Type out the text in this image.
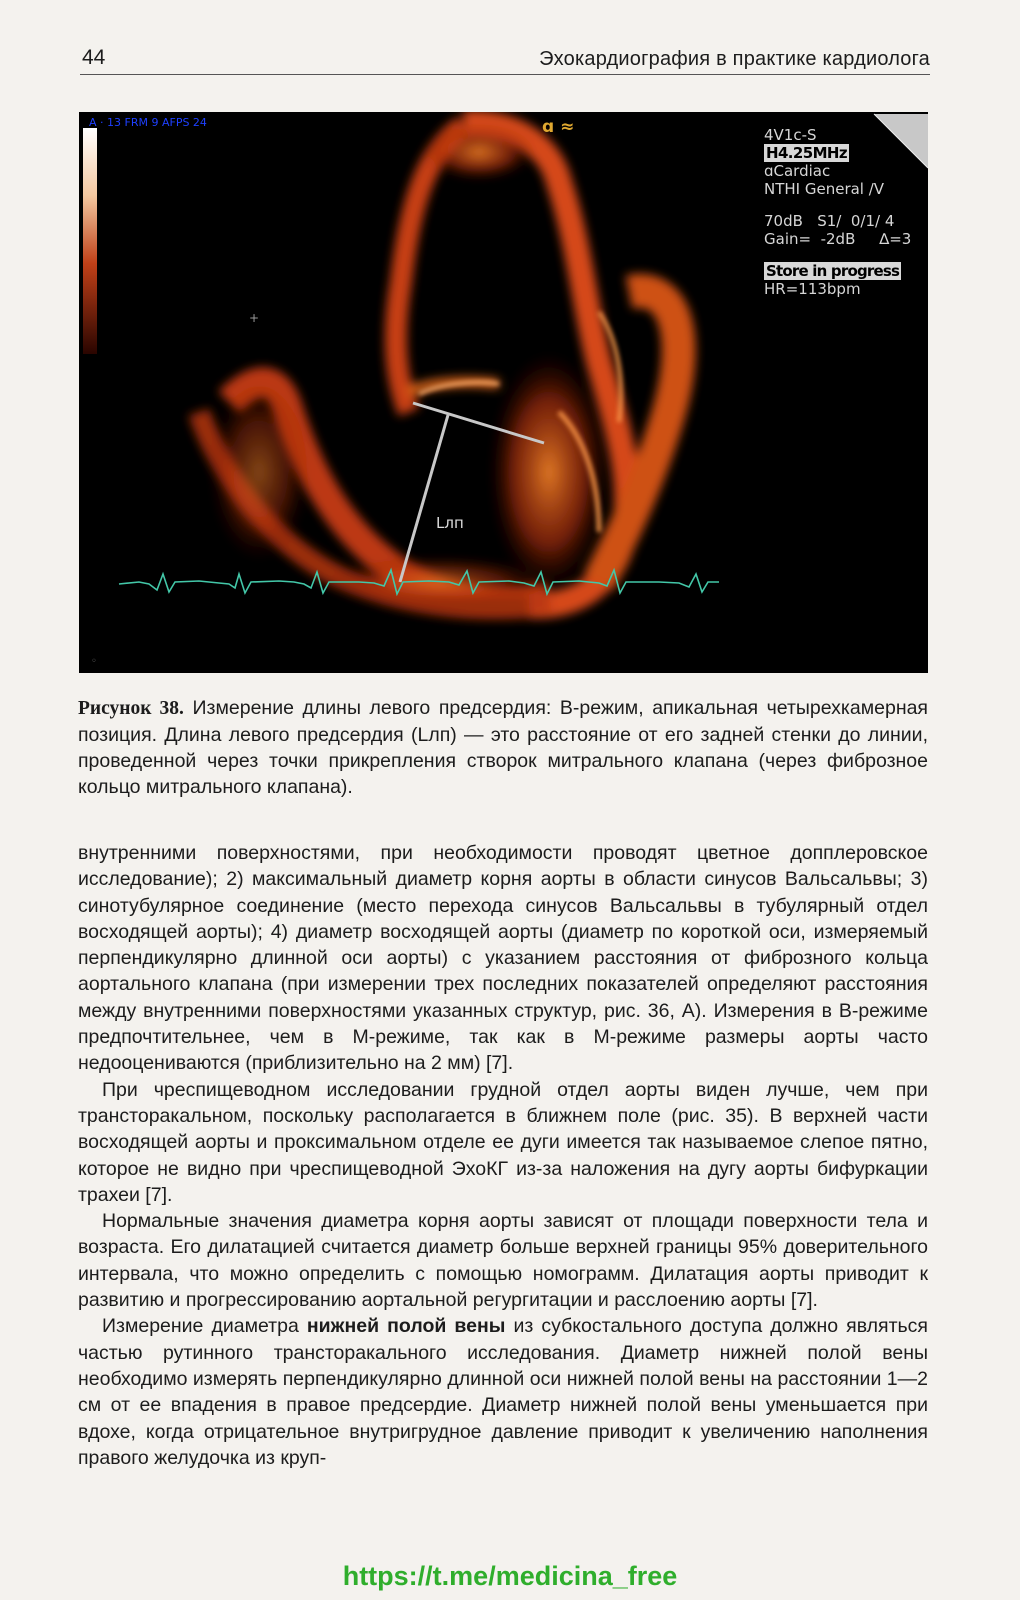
44	Эхокардиография в практике кардиолога
+
◦
A · 13 FRM 9 AFPS 24	ɑ ≈	4V1c-S
H4.25MHz
ɑCardiac
NTHI General /V
70dB   S1/  0/1/ 4
Gain=  -2dB     ∆=3
Store in progress
HR=113bpm
Lлп
Рисунок 38. Измерение длины левого предсердия: В-режим, апикальная четырехкамерная позиция. Длина левого предсердия (Lлп) — это расстояние от его задней стенки до линии, проведенной через точки прикрепления створок митрального клапана (через фиброзное кольцо митрального клапана).

внутренними поверхностями, при необходимости проводят цветное допплеровское исследование); 2) максимальный диаметр корня аорты в области синусов Вальсальвы; 3) синотубулярное соединение (место перехода синусов Вальсальвы в тубулярный отдел восходящей аорты); 4) диаметр восходящей аорты (диаметр по короткой оси, измеряемый перпендикулярно длинной оси аорты) с указанием расстояния от фиброзного кольца аортального клапана (при измерении трех последних показателей определяют расстояния между внутренними поверхностями указанных структур, рис. 36, А). Измерения в В-режиме предпочтительнее, чем в М-режиме, так как в М-режиме размеры аорты часто недооцениваются (приблизительно на 2 мм) [7].

При чреспищеводном исследовании грудной отдел аорты виден лучше, чем при трансторакальном, поскольку располагается в ближнем поле (рис. 35). В верхней части восходящей аорты и проксимальном отделе ее дуги имеется так называемое слепое пятно, которое не видно при чреспищеводной ЭхоКГ из-за наложения на дугу аорты бифуркации трахеи [7].

Нормальные значения диаметра корня аорты зависят от площади поверхности тела и возраста. Его дилатацией считается диаметр больше верхней границы 95% доверительного интервала, что можно определить с помощью номограмм. Дилатация аорты приводит к развитию и прогрессированию аортальной регургитации и расслоению аорты [7].

Измерение диаметра нижней полой вены из субкостального доступа должно являться частью рутинного трансторакального исследования. Диаметр нижней полой вены необходимо измерять перпендикулярно длинной оси нижней полой вены на расстоянии 1—2 см от ее впадения в правое предсердие. Диаметр нижней полой вены уменьшается при вдохе, когда отрицательное внутригрудное давление приводит к увеличению наполнения правого желудочка из круп-

https://t.me/medicina_free
